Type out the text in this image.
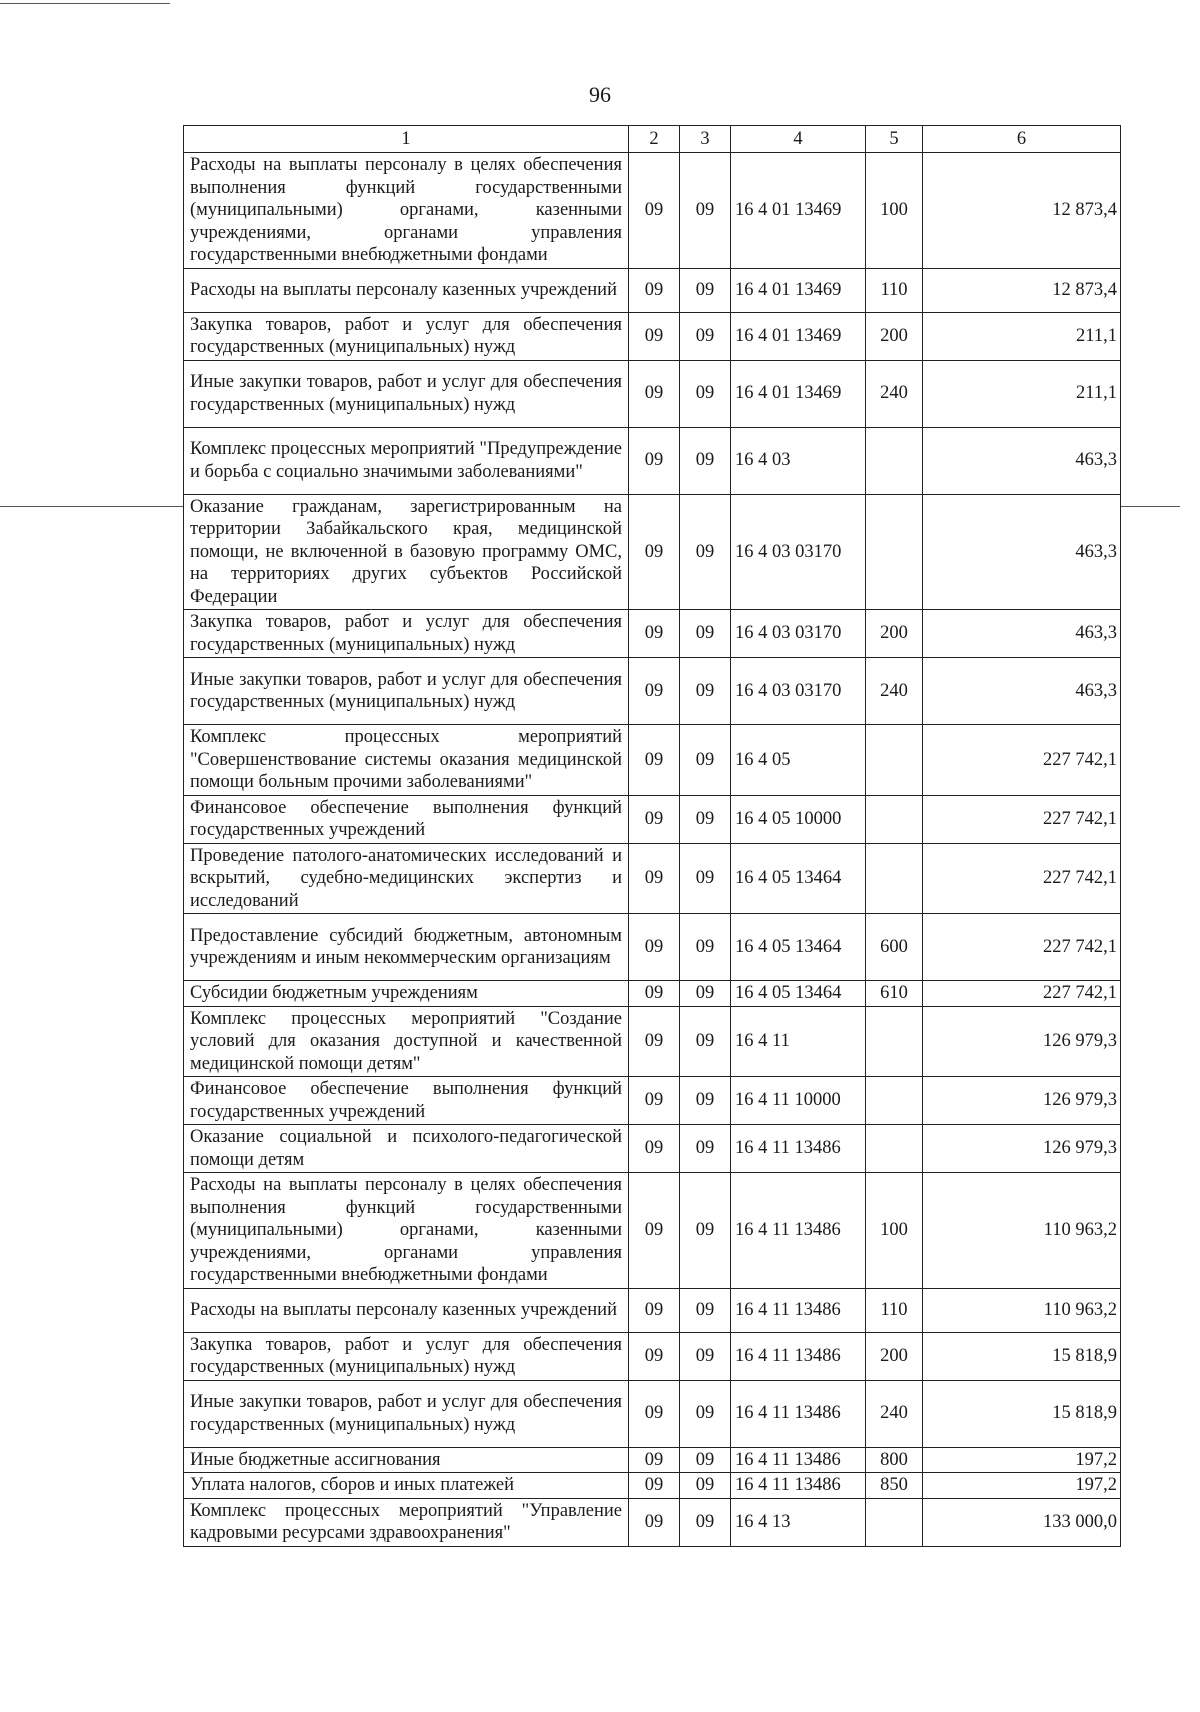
96
1	2	3	4	5	6
Расходы на выплаты персоналу в целях обеспечения выполнения функций государственными (муниципальными) органами, казенными учреждениями, органами управления государственными внебюджетными фондами	09	09	16 4 01 13469	100	12 873,4
Расходы на выплаты персоналу казенных учреждений	09	09	16 4 01 13469	110	12 873,4
Закупка товаров, работ и услуг для обеспечения государственных (муниципальных) нужд	09	09	16 4 01 13469	200	211,1
Иные закупки товаров, работ и услуг для обеспечения государственных (муниципальных) нужд	09	09	16 4 01 13469	240	211,1
Комплекс процессных мероприятий "Предупреждение и борьба с социально значимыми заболеваниями"	09	09	16 4 03		463,3
Оказание гражданам, зарегистрированным на территории Забайкальского края, медицинской помощи, не включенной в базовую программу ОМС, на территориях других субъектов Российской Федерации	09	09	16 4 03 03170		463,3
Закупка товаров, работ и услуг для обеспечения государственных (муниципальных) нужд	09	09	16 4 03 03170	200	463,3
Иные закупки товаров, работ и услуг для обеспечения государственных (муниципальных) нужд	09	09	16 4 03 03170	240	463,3
Комплекс процессных мероприятий "Совершенствование системы оказания медицинской помощи больным прочими заболеваниями"	09	09	16 4 05		227 742,1
Финансовое обеспечение выполнения функций государственных учреждений	09	09	16 4 05 10000		227 742,1
Проведение патолого-анатомических исследований и вскрытий, судебно-медицинских экспертиз и исследований	09	09	16 4 05 13464		227 742,1
Предоставление субсидий бюджетным, автономным учреждениям и иным некоммерческим организациям	09	09	16 4 05 13464	600	227 742,1
Субсидии бюджетным учреждениям	09	09	16 4 05 13464	610	227 742,1
Комплекс процессных мероприятий "Создание условий для оказания доступной и качественной медицинской помощи детям"	09	09	16 4 11		126 979,3
Финансовое обеспечение выполнения функций государственных учреждений	09	09	16 4 11 10000		126 979,3
Оказание социальной и психолого-педагогической помощи детям	09	09	16 4 11 13486		126 979,3
Расходы на выплаты персоналу в целях обеспечения выполнения функций государственными (муниципальными) органами, казенными учреждениями, органами управления государственными внебюджетными фондами	09	09	16 4 11 13486	100	110 963,2
Расходы на выплаты персоналу казенных учреждений	09	09	16 4 11 13486	110	110 963,2
Закупка товаров, работ и услуг для обеспечения государственных (муниципальных) нужд	09	09	16 4 11 13486	200	15 818,9
Иные закупки товаров, работ и услуг для обеспечения государственных (муниципальных) нужд	09	09	16 4 11 13486	240	15 818,9
Иные бюджетные ассигнования	09	09	16 4 11 13486	800	197,2
Уплата налогов, сборов и иных платежей	09	09	16 4 11 13486	850	197,2
Комплекс процессных мероприятий "Управление кадровыми ресурсами здравоохранения"	09	09	16 4 13		133 000,0
